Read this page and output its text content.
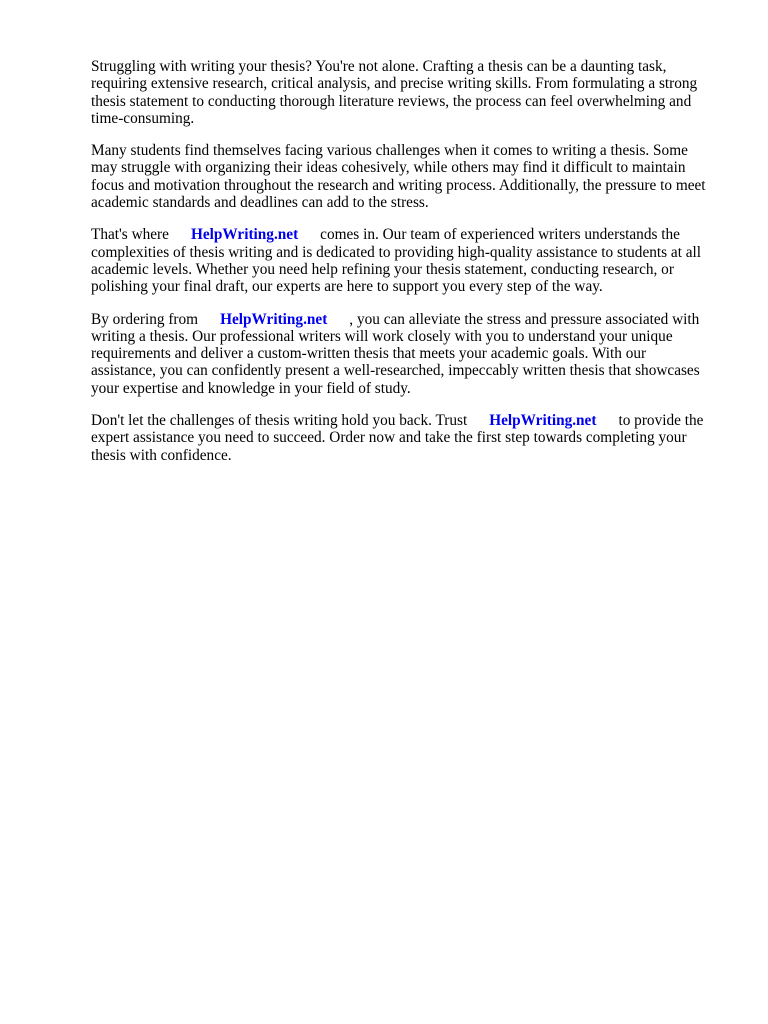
Struggling with writing your thesis? You're not alone. Crafting a thesis can be a daunting task, requiring extensive research, critical analysis, and precise writing skills. From formulating a strong thesis statement to conducting thorough literature reviews, the process can feel overwhelming and time-consuming.

Many students find themselves facing various challenges when it comes to writing a thesis. Some may struggle with organizing their ideas cohesively, while others may find it difficult to maintain focus and motivation throughout the research and writing process. Additionally, the pressure to meet academic standards and deadlines can add to the stress.

That's where HelpWriting.net comes in. Our team of experienced writers understands the complexities of thesis writing and is dedicated to providing high-quality assistance to students at all academic levels. Whether you need help refining your thesis statement, conducting research, or polishing your final draft, our experts are here to support you every step of the way.

By ordering from HelpWriting.net , you can alleviate the stress and pressure associated with writing a thesis. Our professional writers will work closely with you to understand your unique requirements and deliver a custom-written thesis that meets your academic goals. With our assistance, you can confidently present a well-researched, impeccably written thesis that showcases your expertise and knowledge in your field of study.

Don't let the challenges of thesis writing hold you back. Trust HelpWriting.net to provide the expert assistance you need to succeed. Order now and take the first step towards completing your thesis with confidence.
